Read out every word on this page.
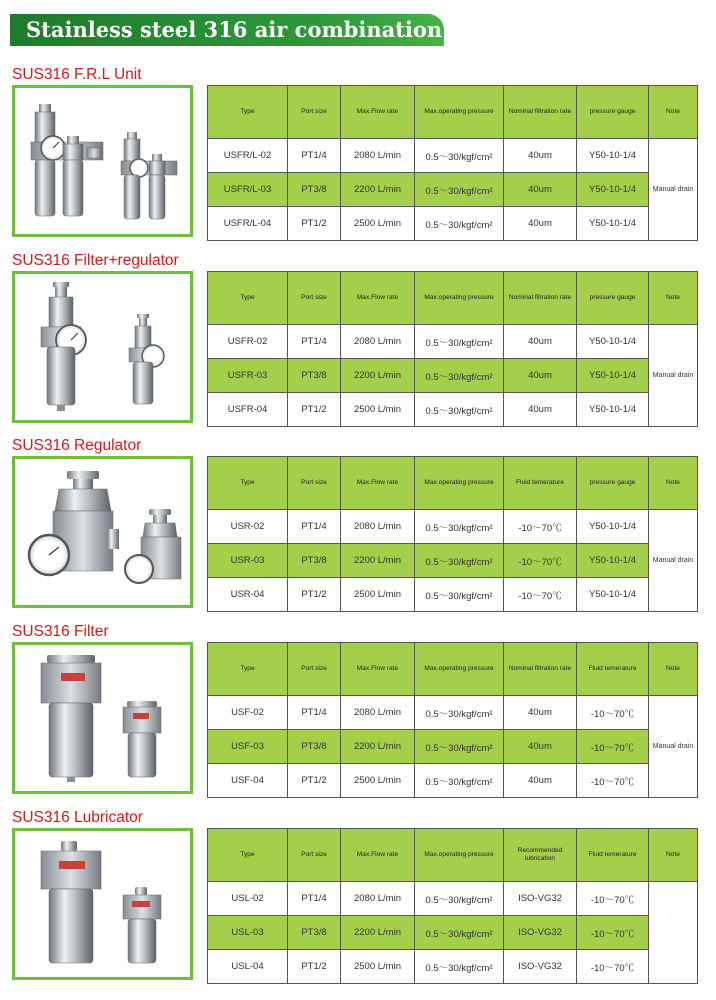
Stainless steel 316 air combination
SUS316 F.R.L Unit
Type	Port size	Max.Flow rate	Max.operating pressure	Nominal filtration rate	pressure gauge	Note
USFR/L-02	PT1/4	2080 L/min	0.5～30/kgf/cm²	40um	Y50-10-1/4	Manual drain
USFR/L-03	PT3/8	2200 L/min	0.5～30/kgf/cm²	40um	Y50-10-1/4	
USFR/L-04	PT1/2	2500 L/min	0.5～30/kgf/cm²	40um	Y50-10-1/4	
SUS316 Filter+regulator
Type	Port size	Max.Flow rate	Max.operating pressure	Nominal filtration rate	pressure gauge	Note
USFR-02	PT1/4	2080 L/min	0.5～30/kgf/cm²	40um	Y50-10-1/4	Manual drain
USFR-03	PT3/8	2200 L/min	0.5～30/kgf/cm²	40um	Y50-10-1/4	
USFR-04	PT1/2	2500 L/min	0.5～30/kgf/cm²	40um	Y50-10-1/4	
SUS316 Regulator
Type	Port size	Max.Flow rate	Max.operating pressure	Fluid temerature	pressure gauge	Note
USR-02	PT1/4	2080 L/min	0.5～30/kgf/cm²	-10～70℃	Y50-10-1/4	Manual drain
USR-03	PT3/8	2200 L/min	0.5～30/kgf/cm²	-10～70℃	Y50-10-1/4	
USR-04	PT1/2	2500 L/min	0.5～30/kgf/cm²	-10～70℃	Y50-10-1/4	
SUS316 Filter
Type	Port size	Max.Flow rate	Max.operating pressure	Nominal filtration rate	Fluid temerature	Note
USF-02	PT1/4	2080 L/min	0.5～30/kgf/cm²	40um	-10～70℃	Manual drain
USF-03	PT3/8	2200 L/min	0.5～30/kgf/cm²	40um	-10～70℃	
USF-04	PT1/2	2500 L/min	0.5～30/kgf/cm²	40um	-10～70℃	
SUS316 Lubricator
Type	Port size	Max.Flow rate	Max.operating pressure	Recommended lubrication	Fluid temerature	Note
USL-02	PT1/4	2080 L/min	0.5～30/kgf/cm²	ISO-VG32	-10～70℃	
USL-03	PT3/8	2200 L/min	0.5～30/kgf/cm²	ISO-VG32	-10～70℃	
USL-04	PT1/2	2500 L/min	0.5～30/kgf/cm²	ISO-VG32	-10～70℃	
